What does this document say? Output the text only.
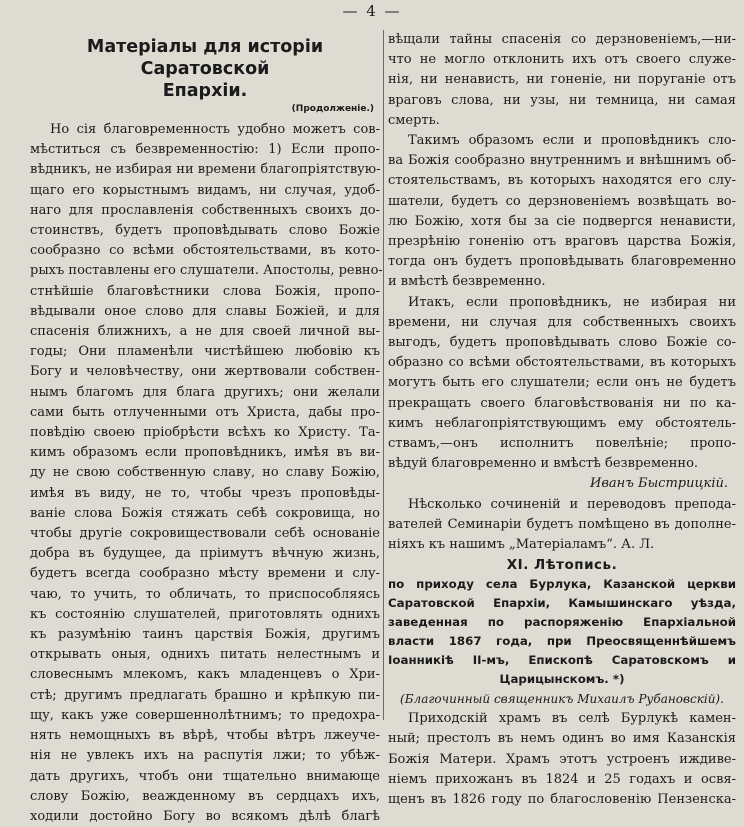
— 4 —
Матеріалы для исторіи Саратовской
Епархіи.
(Продолженіе.)
Но сія благовременность удобно можетъ сов-
мѣститься съ безвременностію: 1) Если пропо-
вѣдникъ, не избирая ни времени благопріятствую-
щаго его корыстнымъ видамъ, ни случая, удоб-
наго для прославленія собственныхъ своихъ до-
стоинствъ, будетъ проповѣдывать слово Божіе
сообразно со всѣми обстоятельствами, въ кото-
рыхъ поставлены его слушатели. Апостолы, ревно-
стнѣйшіе благовѣстники слова Божія, пропо-
вѣдывали оное слово для славы Божіей, и для
спасенія ближнихъ, а не для своей личной вы-
годы; Они пламенѣли чистѣйшею любовію къ
Богу и человѣчеству, они жертвовали собствен-
нымъ благомъ для блага другихъ; они желали
сами быть отлученными отъ Христа, дабы про-
повѣдію своею пріобрѣсти всѣхъ ко Христу. Та-
кимъ образомъ если проповѣдникъ, имѣя въ ви-
ду не свою собственную славу, но славу Божію,
имѣя въ виду, не то, чтобы чрезъ проповѣды-
ваніе слова Божія стяжать себѣ сокровища, но
чтобы другіе сокровиществовали себѣ основаніе
добра въ будущее, да пріимутъ вѣчную жизнь,
будетъ всегда сообразно мѣсту времени и слу-
чаю, то учить, то обличать, то приспособляясь
къ состоянію слушателей, приготовлять однихъ
къ разумѣнію таинъ царствія Божія, другимъ
открывать оныя, однихъ питать нелестнымъ и
словеснымъ млекомъ, какъ младенцевъ о Хри-
стѣ; другимъ предлагать брашно и крѣпкую пи-
щу, какъ уже совершеннолѣтнимъ; то предохра-
нять немощныхъ въ вѣрѣ, чтобы вѣтръ лжеучe-
нія не увлекъ ихъ на распутія лжи; то убѣж-
дать другихъ, чтобъ они тщательно внимающе
слову Божію, веажденному въ сердцахъ ихъ,
ходили достойно Богу во всякомъ дѣлѣ благѣ
вѣщали тайны спасенія со дерзновеніемъ,—ни-
что не могло отклонить ихъ отъ своего служе-
нія, ни ненависть, ни гоненіе, ни поруганіе отъ
враговъ слова, ни узы, ни темница, ни самая
смерть.
Такимъ образомъ если и проповѣдникъ сло-
ва Божія сообразно внутреннимъ и внѣшнимъ об-
стоятельствамъ, въ которыхъ находятся его слу-
шатели, будетъ со дерзновеніемъ возвѣщать во-
лю Божію, хотя бы за сіе подвергся ненависти,
презрѣнію гоненію отъ враговъ царства Божія,
тогда онъ будетъ проповѣдывать благовременно
и вмѣстѣ безвременно.
Итакъ, если проповѣдникъ, не избирая ни
времени, ни случая для собственныхъ своихъ
выгодъ, будетъ проповѣдывать слово Божіе со-
образно со всѣми обстоятельствами, въ которыхъ
могутъ быть его слушатели; если онъ не будетъ
прекращать своего благовѣствованія ни по ка-
кимъ неблагопріятствующимъ ему обстоятель-
ствамъ,—онъ исполнитъ повелѣніе; пропо-
вѣдуй благовременно и вмѣстѣ безвременно.
Иванъ Быстрицкій.
Нѣсколько сочиненій и переводовъ препода-
вателей Семинаріи будетъ помѣщено въ дополне-
ніяхъ къ нашимъ „Матеріаламъ“. А. Л.
XI. Лѣтопись.
по приходу села Бурлука, Казанской церкви
Саратовской Епархіи, Камышинскаго уѣзда,
заведенная по распоряженію Епархіальной
власти 1867 года, при Преосвященнѣйшемъ
Іоанникіѣ II-мъ, Епископѣ Саратовскомъ и
Царицынскомъ. *)
(Благочинный священникъ Михаилъ Рубановскій).
Приходскій храмъ въ селѣ Бурлукѣ камен-
ный; престолъ въ немъ одинъ во имя Казанскія
Божія Матери. Храмъ этотъ устроенъ иждиве-
ніемъ прихожанъ въ 1824 и 25 годахъ и освя-
щенъ въ 1826 году по благословенію Пензенска-
